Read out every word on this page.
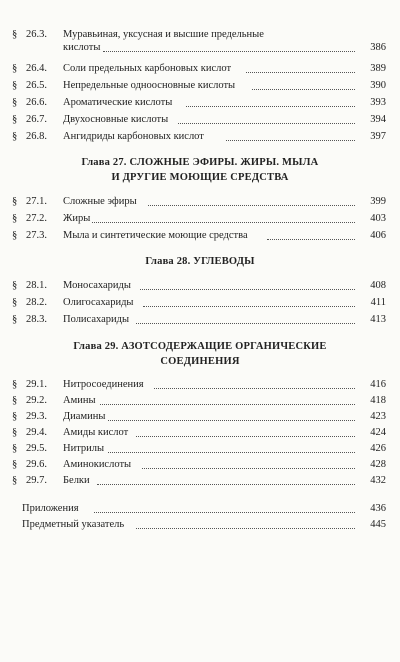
§ 26.3. Муравьиная, уксусная и высшие предельные
кислоты	386
§ 26.4. Соли предельных карбоновых кислот	389
§ 26.5. Непредельные одноосновные кислоты	390
§ 26.6. Ароматические кислоты	393
§ 26.7. Двухосновные кислоты	394
§ 26.8. Ангидриды карбоновых кислот	397
Глава 27. СЛОЖНЫЕ ЭФИРЫ. ЖИРЫ. МЫЛА
И ДРУГИЕ МОЮЩИЕ СРЕДСТВА
§ 27.1. Сложные эфиры	399
§ 27.2. Жиры	403
§ 27.3. Мыла и синтетические моющие средства	406
Глава 28. УГЛЕВОДЫ
§ 28.1. Моносахариды	408
§ 28.2. Олигосахариды	411
§ 28.3. Полисахариды	413
Глава 29. АЗОТСОДЕРЖАЩИЕ ОРГАНИЧЕСКИЕ
СОЕДИНЕНИЯ
§ 29.1. Нитросоединения	416
§ 29.2. Амины	418
§ 29.3. Диамины	423
§ 29.4. Амиды кислот	424
§ 29.5. Нитрилы	426
§ 29.6. Аминокислоты	428
§ 29.7. Белки	432
Приложения	436
Предметный указатель	445
